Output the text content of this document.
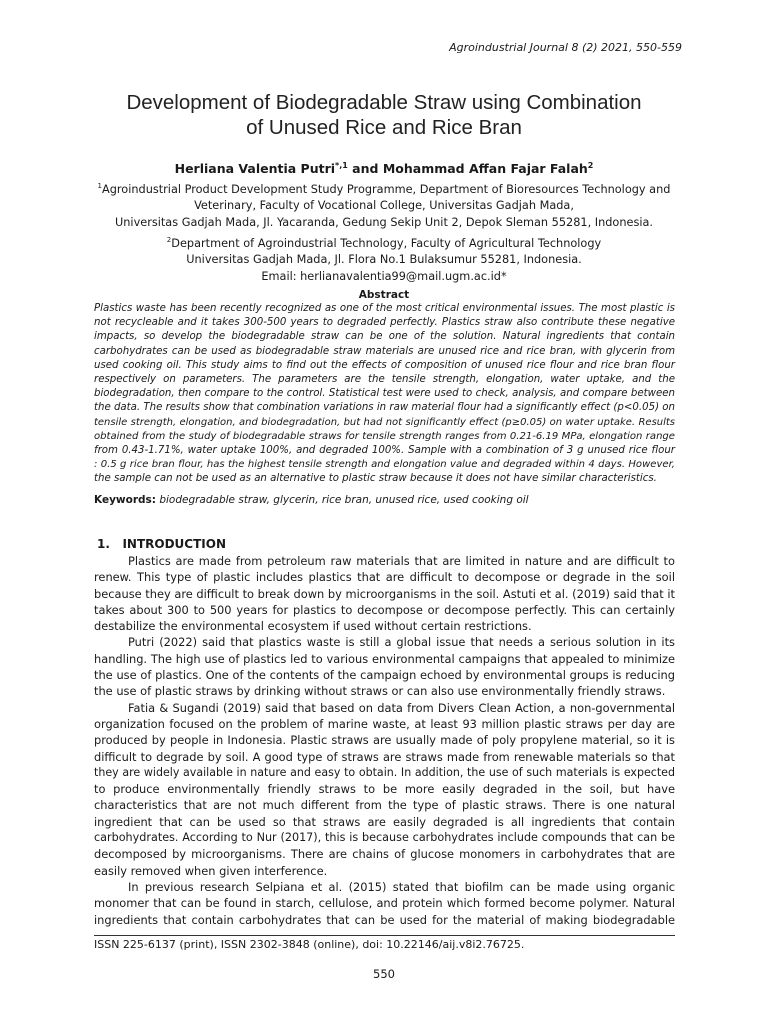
Agroindustrial Journal 8 (2) 2021, 550-559
Development of Biodegradable Straw using Combination
of Unused Rice and Rice Bran
Herliana Valentia Putri$^{*,1}$ and Mohammad Affan Fajar Falah$^2$
$^1$Agroindustrial Product Development Study Programme, Department of Bioresources Technology and
Veterinary, Faculty of Vocational College, Universitas Gadjah Mada,
Universitas Gadjah Mada, Jl. Yacaranda, Gedung Sekip Unit 2, Depok Sleman 55281, Indonesia.
$^2$Department of Agroindustrial Technology, Faculty of Agricultural Technology
Universitas Gadjah Mada, Jl. Flora No.1 Bulaksumur 55281, Indonesia.
Email: herlianavalentia99@mail.ugm.ac.id*
Abstract
Plastics waste has been recently recognized as one of the most critical environmental issues. The most plastic is
not recycleable and it takes 300-500 years to degraded perfectly. Plastics straw also contribute these negative
impacts, so develop the biodegradable straw can be one of the solution. Natural ingredients that contain
carbohydrates can be used as biodegradable straw materials are unused rice and rice bran, with glycerin from
used cooking oil. This study aims to find out the effects of composition of unused rice flour and rice bran flour
respectively on parameters. The parameters are the tensile strength, elongation, water uptake, and the
biodegradation, then compare to the control. Statistical test were used to check, analysis, and compare between
the data. The results show that combination variations in raw material flour had a significantly effect (p<0.05) on
tensile strength, elongation, and biodegradation, but had not significantly effect (p≥0.05) on water uptake. Results
obtained from the study of biodegradable straws for tensile strength ranges from 0.21-6.19 MPa, elongation range
from 0.43-1.71%, water uptake 100%, and degraded 100%. Sample with a combination of 3 g unused rice flour
: 0.5 g rice bran flour, has the highest tensile strength and elongation value and degraded within 4 days. However,
the sample can not be used as an alternative to plastic straw because it does not have similar characteristics.
Keywords: biodegradable straw, glycerin, rice bran, unused rice, used cooking oil
1.   INTRODUCTION
Plastics are made from petroleum raw materials that are limited in nature and are difficult to
renew. This type of plastic includes plastics that are difficult to decompose or degrade in the soil
because they are difficult to break down by microorganisms in the soil. Astuti et al. (2019) said that it
takes about 300 to 500 years for plastics to decompose or decompose perfectly. This can certainly
destabilize the environmental ecosystem if used without certain restrictions.
Putri (2022) said that plastics waste is still a global issue that needs a serious solution in its
handling. The high use of plastics led to various environmental campaigns that appealed to minimize
the use of plastics. One of the contents of the campaign echoed by environmental groups is reducing
the use of plastic straws by drinking without straws or can also use environmentally friendly straws.
Fatia & Sugandi (2019) said that based on data from Divers Clean Action, a non-governmental
organization focused on the problem of marine waste, at least 93 million plastic straws per day are
produced by people in Indonesia. Plastic straws are usually made of poly propylene material, so it is
difficult to degrade by soil. A good type of straws are straws made from renewable materials so that
they are widely available in nature and easy to obtain. In addition, the use of such materials is expected
to produce environmentally friendly straws to be more easily degraded in the soil, but have
characteristics that are not much different from the type of plastic straws. There is one natural
ingredient that can be used so that straws are easily degraded is all ingredients that contain
carbohydrates. According to Nur (2017), this is because carbohydrates include compounds that can be
decomposed by microorganisms. There are chains of glucose monomers in carbohydrates that are
easily removed when given interference.
In previous research Selpiana et al. (2015) stated that biofilm can be made using organic
monomer that can be found in starch, cellulose, and protein which formed become polymer. Natural
ingredients that contain carbohydrates that can be used for the material of making biodegradable
ISSN 225-6137 (print), ISSN 2302-3848 (online), doi: 10.22146/aij.v8i2.76725.
550
